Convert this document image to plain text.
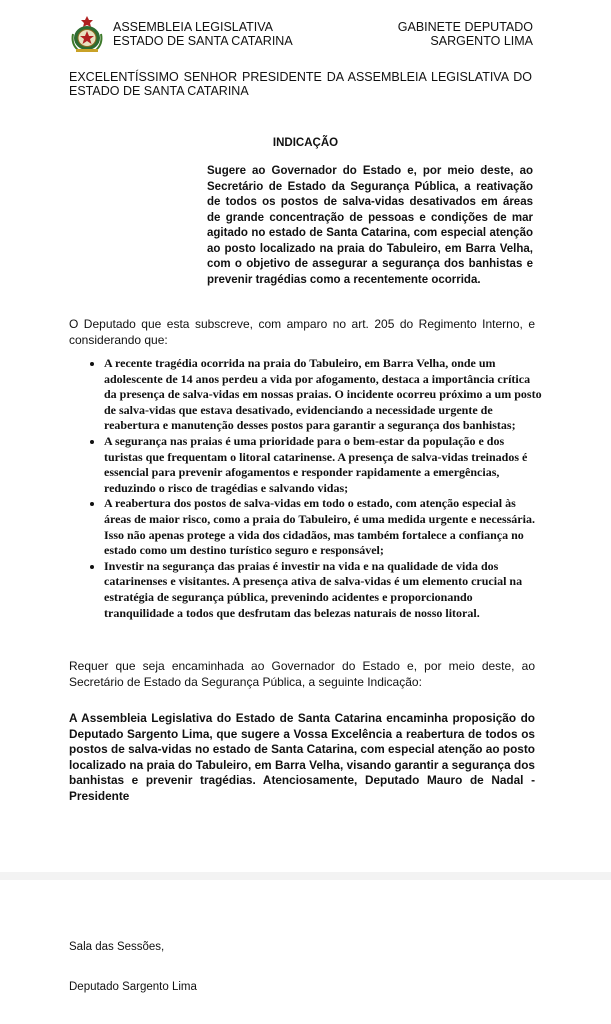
ASSEMBLEIA LEGISLATIVA
ESTADO DE SANTA CATARINA
GABINETE DEPUTADO
SARGENTO LIMA
EXCELENTÍSSIMO SENHOR PRESIDENTE DA ASSEMBLEIA LEGISLATIVA DO ESTADO DE SANTA CATARINA
INDICAÇÃO
Sugere ao Governador do Estado e, por meio deste, ao Secretário de Estado da Segurança Pública, a reativação de todos os postos de salva-vidas desativados em áreas de grande concentração de pessoas e condições de mar agitado no estado de Santa Catarina, com especial atenção ao posto localizado na praia do Tabuleiro, em Barra Velha, com o objetivo de assegurar a segurança dos banhistas e prevenir tragédias como a recentemente ocorrida.
O Deputado que esta subscreve, com amparo no art. 205 do Regimento Interno, e considerando que:
• A recente tragédia ocorrida na praia do Tabuleiro, em Barra Velha, onde um adolescente de 14 anos perdeu a vida por afogamento, destaca a importância crítica da presença de salva-vidas em nossas praias. O incidente ocorreu próximo a um posto de salva-vidas que estava desativado, evidenciando a necessidade urgente de reabertura e manutenção desses postos para garantir a segurança dos banhistas;
• A segurança nas praias é uma prioridade para o bem-estar da população e dos turistas que frequentam o litoral catarinense. A presença de salva-vidas treinados é essencial para prevenir afogamentos e responder rapidamente a emergências, reduzindo o risco de tragédias e salvando vidas;
• A reabertura dos postos de salva-vidas em todo o estado, com atenção especial às áreas de maior risco, como a praia do Tabuleiro, é uma medida urgente e necessária. Isso não apenas protege a vida dos cidadãos, mas também fortalece a confiança no estado como um destino turístico seguro e responsável;
• Investir na segurança das praias é investir na vida e na qualidade de vida dos catarinenses e visitantes. A presença ativa de salva-vidas é um elemento crucial na estratégia de segurança pública, prevenindo acidentes e proporcionando tranquilidade a todos que desfrutam das belezas naturais de nosso litoral.
Requer que seja encaminhada ao Governador do Estado e, por meio deste, ao Secretário de Estado da Segurança Pública, a seguinte Indicação:
A Assembleia Legislativa do Estado de Santa Catarina encaminha proposição do Deputado Sargento Lima, que sugere a Vossa Excelência a reabertura de todos os postos de salva-vidas no estado de Santa Catarina, com especial atenção ao posto localizado na praia do Tabuleiro, em Barra Velha, visando garantir a segurança dos banhistas e prevenir tragédias. Atenciosamente, Deputado Mauro de Nadal - Presidente
Sala das Sessões,
Deputado Sargento Lima
